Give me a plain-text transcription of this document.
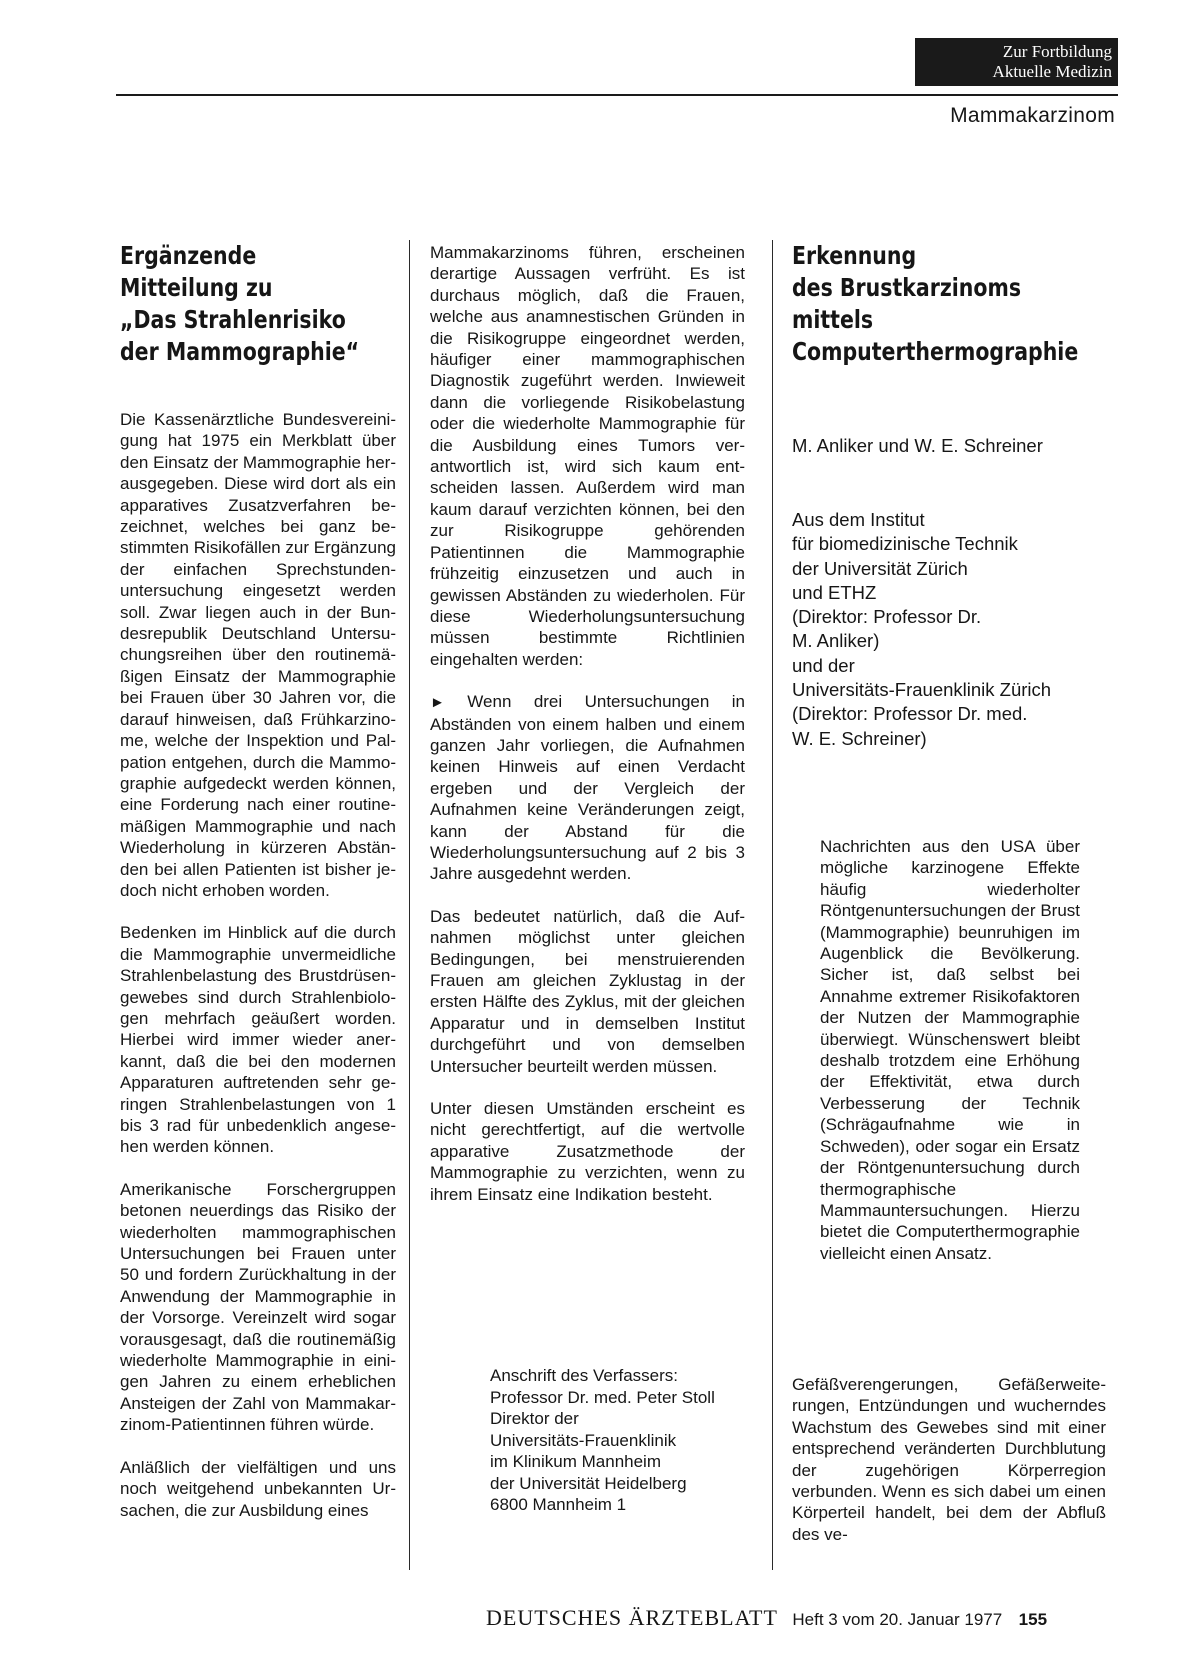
Zur Fortbildung
Aktuelle Medizin
Mammakarzinom
Ergänzende
Mitteilung zu
„Das Strahlenrisiko
der Mammographie“

Die Kassenärztliche Bundesvereinigung hat 1975 ein Merkblatt über den Einsatz der Mammographie herausgegeben. Diese wird dort als ein apparatives Zusatzverfahren bezeichnet, welches bei ganz bestimmten Risikofällen zur Ergänzung der einfachen Sprechstundenuntersuchung eingesetzt werden soll. Zwar liegen auch in der Bundesrepublik Deutschland Untersuchungsreihen über den routinemäßigen Einsatz der Mammographie bei Frauen über 30 Jahren vor, die darauf hinweisen, daß Frühkarzinome, welche der Inspektion und Palpation entgehen, durch die Mammographie aufgedeckt werden können, eine Forderung nach einer routinemäßigen Mammographie und nach Wiederholung in kürzeren Abständen bei allen Patienten ist bisher jedoch nicht erhoben worden.

Bedenken im Hinblick auf die durch die Mammographie unvermeidliche Strahlenbelastung des Brustdrüsengewebes sind durch Strahlenbiologen mehrfach geäußert worden. Hierbei wird immer wieder anerkannt, daß die bei den modernen Apparaturen auftretenden sehr geringen Strahlenbelastungen von 1 bis 3 rad für unbedenklich angesehen werden können.

Amerikanische Forschergruppen betonen neuerdings das Risiko der wiederholten mammographischen Untersuchungen bei Frauen unter 50 und fordern Zurückhaltung in der Anwendung der Mammographie in der Vorsorge. Vereinzelt wird sogar vorausgesagt, daß die routinemäßig wiederholte Mammographie in einigen Jahren zu einem erheblichen Ansteigen der Zahl von Mammakarzinom-Patientinnen führen würde.

Anläßlich der vielfältigen und uns noch weitgehend unbekannten Ursachen, die zur Ausbildung eines

Mammakarzinoms führen, erscheinen derartige Aussagen verfrüht. Es ist durchaus möglich, daß die Frauen, welche aus anamnestischen Gründen in die Risikogruppe eingeordnet werden, häufiger einer mammographischen Diagnostik zugeführt werden. Inwieweit dann die vorliegende Risikobelastung oder die wiederholte Mammographie für die Ausbildung eines Tumors verantwortlich ist, wird sich kaum entscheiden lassen. Außerdem wird man kaum darauf verzichten können, bei den zur Risikogruppe gehörenden Patientinnen die Mammographie frühzeitig einzusetzen und auch in gewissen Abständen zu wiederholen. Für diese Wiederholungsuntersuchung müssen bestimmte Richtlinien eingehalten werden:

► Wenn drei Untersuchungen in Abständen von einem halben und einem ganzen Jahr vorliegen, die Aufnahmen keinen Hinweis auf einen Verdacht ergeben und der Vergleich der Aufnahmen keine Veränderungen zeigt, kann der Abstand für die Wiederholungsuntersuchung auf 2 bis 3 Jahre ausgedehnt werden.

Das bedeutet natürlich, daß die Aufnahmen möglichst unter gleichen Bedingungen, bei menstruierenden Frauen am gleichen Zyklustag in der ersten Hälfte des Zyklus, mit der gleichen Apparatur und in demselben Institut durchgeführt und von demselben Untersucher beurteilt werden müssen.

Unter diesen Umständen erscheint es nicht gerechtfertigt, auf die wertvolle apparative Zusatzmethode der Mammographie zu verzichten, wenn zu ihrem Einsatz eine Indikation besteht.

Anschrift des Verfassers:
Professor Dr. med. Peter Stoll
Direktor der
Universitäts-Frauenklinik
im Klinikum Mannheim
der Universität Heidelberg
6800 Mannheim 1
Erkennung
des Brustkarzinoms
mittels
Computerthermographie
M. Anliker und W. E. Schreiner
Aus dem Institut
für biomedizinische Technik
der Universität Zürich
und ETHZ
(Direktor: Professor Dr.
M. Anliker)
und der
Universitäts-Frauenklinik Zürich
(Direktor: Professor Dr. med.
W. E. Schreiner)

Nachrichten aus den USA über mögliche karzinogene Effekte häufig wiederholter Röntgenuntersuchungen der Brust (Mammographie) beunruhigen im Augenblick die Bevölkerung. Sicher ist, daß selbst bei Annahme extremer Risikofaktoren der Nutzen der Mammographie überwiegt. Wünschenswert bleibt deshalb trotzdem eine Erhöhung der Effektivität, etwa durch Verbesserung der Technik (Schrägaufnahme wie in Schweden), oder sogar ein Ersatz der Röntgenuntersuchung durch thermographische Mammauntersuchungen. Hierzu bietet die Computerthermographie vielleicht einen Ansatz.

Gefäßverengerungen, Gefäßerweiterungen, Entzündungen und wucherndes Wachstum des Gewebes sind mit einer entsprechend veränderten Durchblutung der zugehörigen Körperregion verbunden. Wenn es sich dabei um einen Körperteil handelt, bei dem der Abfluß des ve-

DEUTSCHES ÄRZTEBLATT Heft 3 vom 20. Januar 1977 155
